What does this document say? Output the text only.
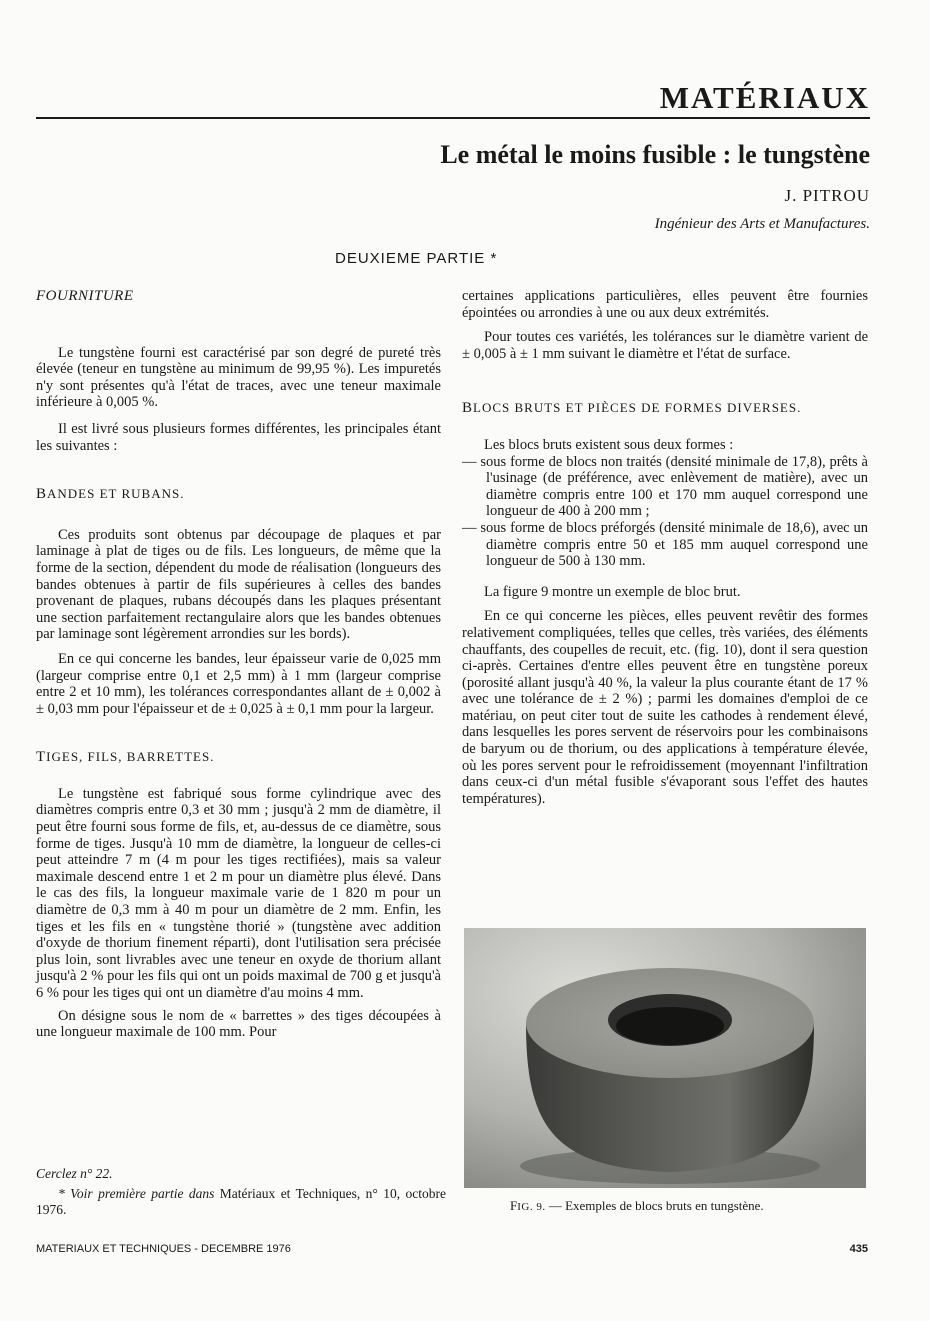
MATÉRIAUX
Le métal le moins fusible : le tungstène
J. PITROU
Ingénieur des Arts et Manufactures.
DEUXIEME PARTIE *
FOURNITURE

Le tungstène fourni est caractérisé par son degré de pureté très élevée (teneur en tungstène au minimum de 99,95 %). Les impuretés n'y sont présentes qu'à l'état de traces, avec une teneur maximale inférieure à 0,005 %.

Il est livré sous plusieurs formes différentes, les principales étant les suivantes :

BANDES ET RUBANS.

Ces produits sont obtenus par découpage de plaques et par laminage à plat de tiges ou de fils. Les longueurs, de même que la forme de la section, dépendent du mode de réalisation (longueurs des bandes obtenues à partir de fils supérieures à celles des bandes provenant de plaques, rubans découpés dans les plaques présentant une section parfaitement rectangulaire alors que les bandes obtenues par laminage sont légèrement arrondies sur les bords).

En ce qui concerne les bandes, leur épaisseur varie de 0,025 mm (largeur comprise entre 0,1 et 2,5 mm) à 1 mm (largeur comprise entre 2 et 10 mm), les tolérances correspondantes allant de ± 0,002 à ± 0,03 mm pour l'épaisseur et de ± 0,025 à ± 0,1 mm pour la largeur.

TIGES, FILS, BARRETTES.

Le tungstène est fabriqué sous forme cylindrique avec des diamètres compris entre 0,3 et 30 mm ; jusqu'à 2 mm de diamètre, il peut être fourni sous forme de fils, et, au-dessus de ce diamètre, sous forme de tiges. Jusqu'à 10 mm de diamètre, la longueur de celles-ci peut atteindre 7 m (4 m pour les tiges rectifiées), mais sa valeur maximale descend entre 1 et 2 m pour un diamètre plus élevé. Dans le cas des fils, la longueur maximale varie de 1 820 m pour un diamètre de 0,3 mm à 40 m pour un diamètre de 2 mm. Enfin, les tiges et les fils en « tungstène thorié » (tungstène avec addition d'oxyde de thorium finement réparti), dont l'utilisation sera précisée plus loin, sont livrables avec une teneur en oxyde de thorium allant jusqu'à 2 % pour les fils qui ont un poids maximal de 700 g et jusqu'à 6 % pour les tiges qui ont un diamètre d'au moins 4 mm.

On désigne sous le nom de « barrettes » des tiges découpées à une longueur maximale de 100 mm. Pour

certaines applications particulières, elles peuvent être fournies épointées ou arrondies à une ou aux deux extrémités.

Pour toutes ces variétés, les tolérances sur le diamètre varient de ± 0,005 à ± 1 mm suivant le diamètre et l'état de surface.

BLOCS BRUTS ET PIÈCES DE FORMES DIVERSES.

Les blocs bruts existent sous deux formes :

— sous forme de blocs non traités (densité minimale de 17,8), prêts à l'usinage (de préférence, avec enlèvement de matière), avec un diamètre compris entre 100 et 170 mm auquel correspond une longueur de 400 à 200 mm ;

— sous forme de blocs préforgés (densité minimale de 18,6), avec un diamètre compris entre 50 et 185 mm auquel correspond une longueur de 500 à 130 mm.

La figure 9 montre un exemple de bloc brut.

En ce qui concerne les pièces, elles peuvent revêtir des formes relativement compliquées, telles que celles, très variées, des éléments chauffants, des coupelles de recuit, etc. (fig. 10), dont il sera question ci-après. Certaines d'entre elles peuvent être en tungstène poreux (porosité allant jusqu'à 40 %, la valeur la plus courante étant de 17 % avec une tolérance de ± 2 %) ; parmi les domaines d'emploi de ce matériau, on peut citer tout de suite les cathodes à rendement élevé, dans lesquelles les pores servent de réservoirs pour les combinaisons de baryum ou de thorium, ou des applications à température élevée, où les pores servent pour le refroidissement (moyennant l'infiltration dans ceux-ci d'un métal fusible s'évaporant sous l'effet des hautes températures).

FIG. 9. — Exemples de blocs bruts en tungstène.
Cerclez n° 22.
* Voir première partie dans Matériaux et Techniques, n° 10, octobre 1976.
MATERIAUX ET TECHNIQUES - DECEMBRE 1976	435
